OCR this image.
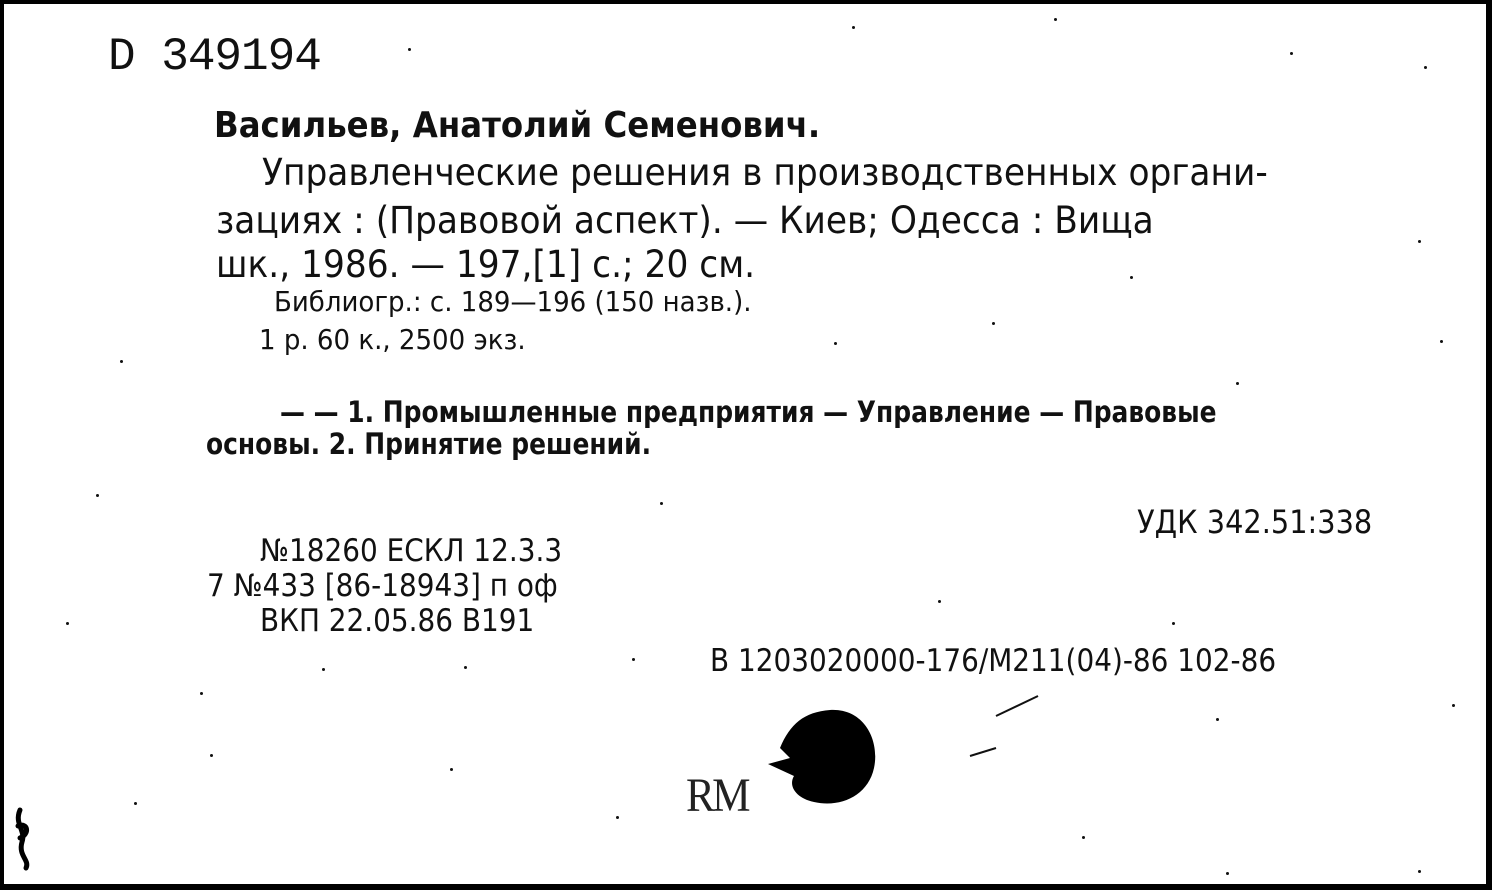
D 349194
Васильев, Анатолий Семенович.
Управленческие решения в производственных органи-
зациях : (Правовой аспект). — Киев; Одесса : Вища
шк., 1986. — 197,[1] с.; 20 см.
Библиогр.: с. 189—196 (150 назв.).
1 р. 60 к., 2500 экз.
— — 1. Промышленные предприятия — Управление — Правовые
основы. 2. Принятие решений.
УДК 342.51:338
№18260 ЕСКЛ 12.3.3
7 №433 [86-18943] п оф
ВКП 22.05.86 В191
В 1203020000-176/М211(04)-86 102-86
RM
